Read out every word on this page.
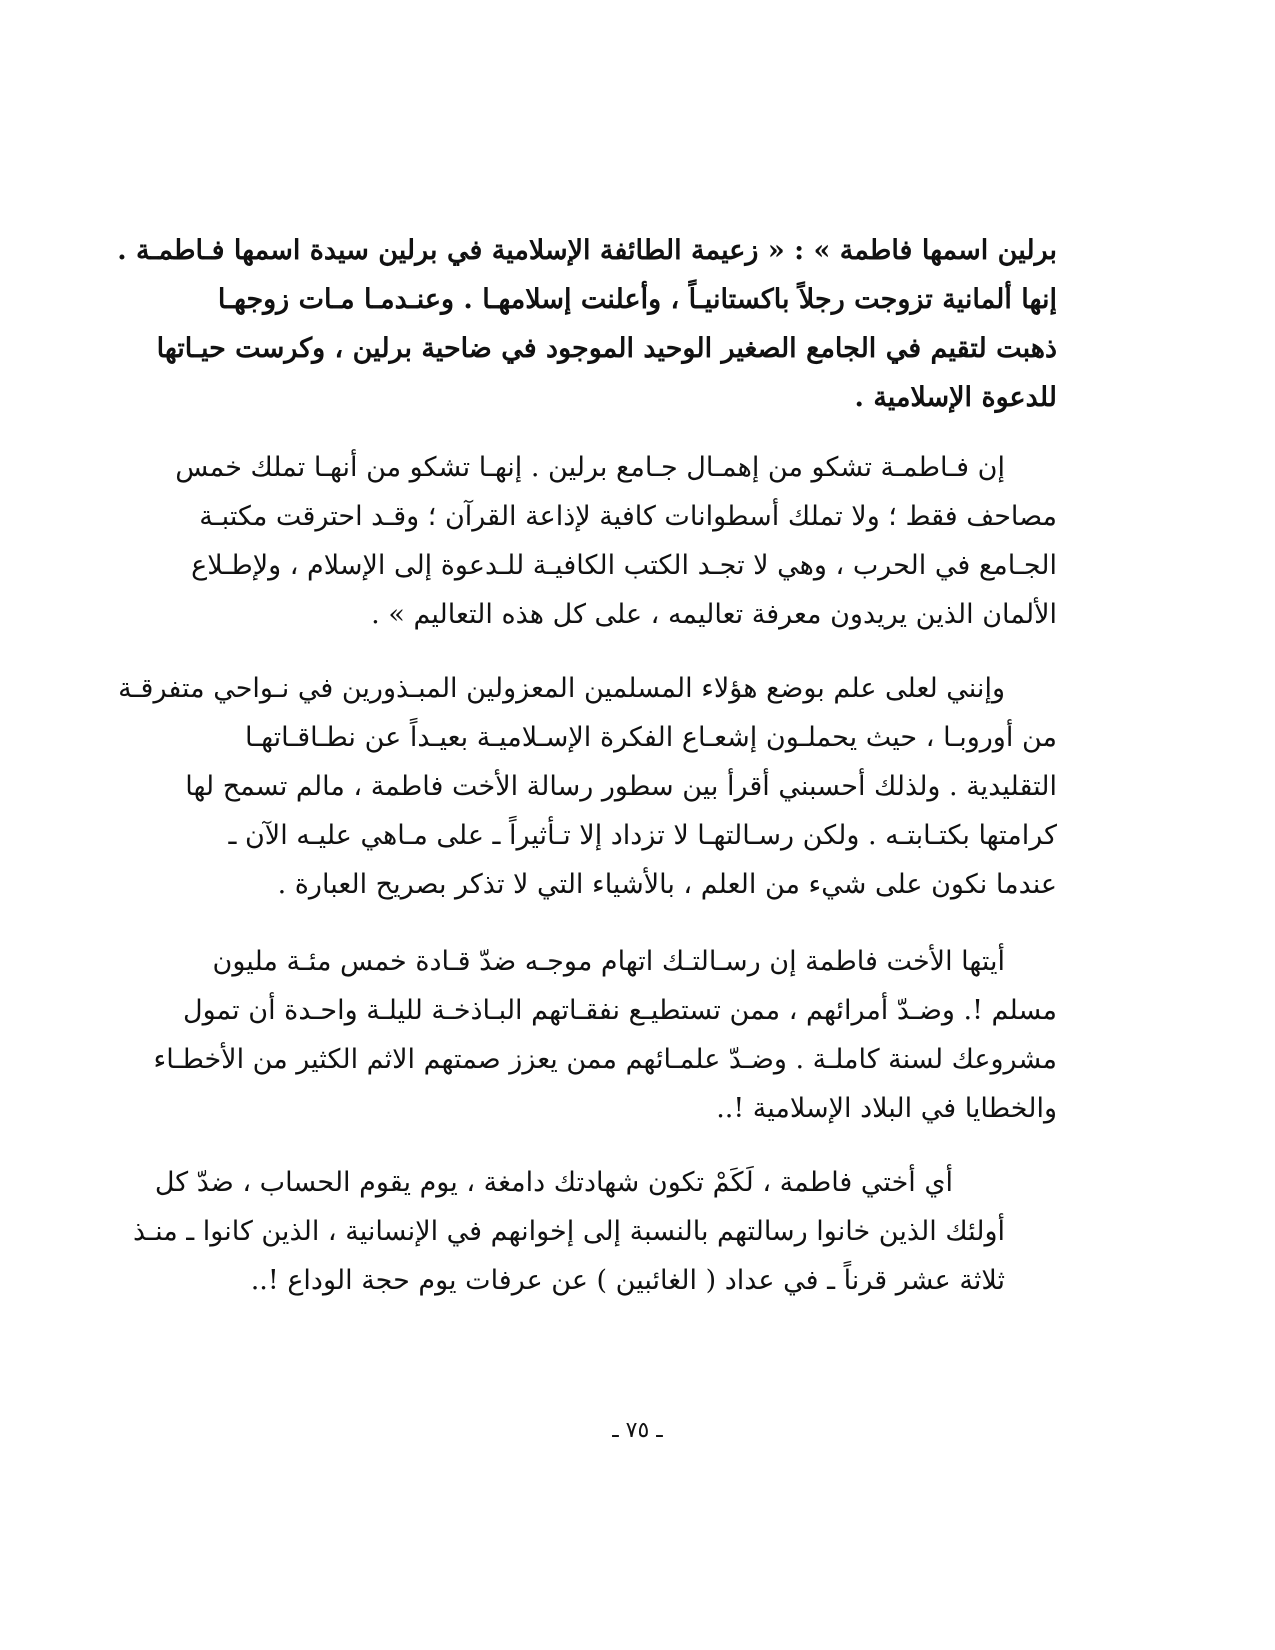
برلين اسمها فاطمة » : « زعيمة الطائفة الإسلامية في برلين سيدة اسمها فـاطمـة .
إنها ألمانية تزوجت رجلاً باكستانيـاً ، وأعلنت إسلامهـا . وعنـدمـا مـات زوجهـا
ذهبت لتقيم في الجامع الصغير الوحيد الموجود في ضاحية برلين ، وكرست حيـاتها
للدعوة الإسلامية .
إن فـاطمـة تشكو من إهمـال جـامع برلين . إنهـا تشكو من أنهـا تملك خمس
مصاحف فقط ؛ ولا تملك أسطوانات كافية لإذاعة القرآن ؛ وقـد احترقت مكتبـة
الجـامع في الحرب ، وهي لا تجـد الكتب الكافيـة للـدعوة إلى الإسلام ، ولإطـلاع
الألمان الذين يريدون معرفة تعاليمه ، على كل هذه التعاليم » .
وإنني لعلى علم بوضع هؤلاء المسلمين المعزولين المبـذورين في نـواحي متفرقـة
من أوروبـا ، حيث يحملـون إشعـاع الفكرة الإسـلاميـة بعيـداً عن نطـاقـاتهـا
التقليدية . ولذلك أحسبني أقرأ بين سطور رسالة الأخت فاطمة ، مالم تسمح لها
كرامتها بكتـابتـه . ولكن رسـالتهـا لا تزداد إلا تـأثيراً ـ على مـاهي عليـه الآن ـ
عندما نكون على شيء من العلم ، بالأشياء التي لا تذكر بصريح العبارة .
أيتها الأخت فاطمة إن رسـالتـك اتهام موجـه ضدّ قـادة خمس مئـة مليون
مسلم !. وضـدّ أمرائهم ، ممن تستطيـع نفقـاتهم البـاذخـة لليلـة واحـدة أن تمول
مشروعك لسنة كاملـة . وضـدّ علمـائهم ممن يعزز صمتهم الاثم الكثير من الأخطـاء
والخطايا في البلاد الإسلامية !..
أي أختي فاطمة ، لَكَمْ تكون شهادتك دامغة ، يوم يقوم الحساب ، ضدّ كل
أولئك الذين خانوا رسالتهم بالنسبة إلى إخوانهم في الإنسانية ، الذين كانوا ـ منـذ
ثلاثة عشر قرناً ـ في عداد ( الغائبين ) عن عرفات يوم حجة الوداع !..
ـ ٧٥ ـ
